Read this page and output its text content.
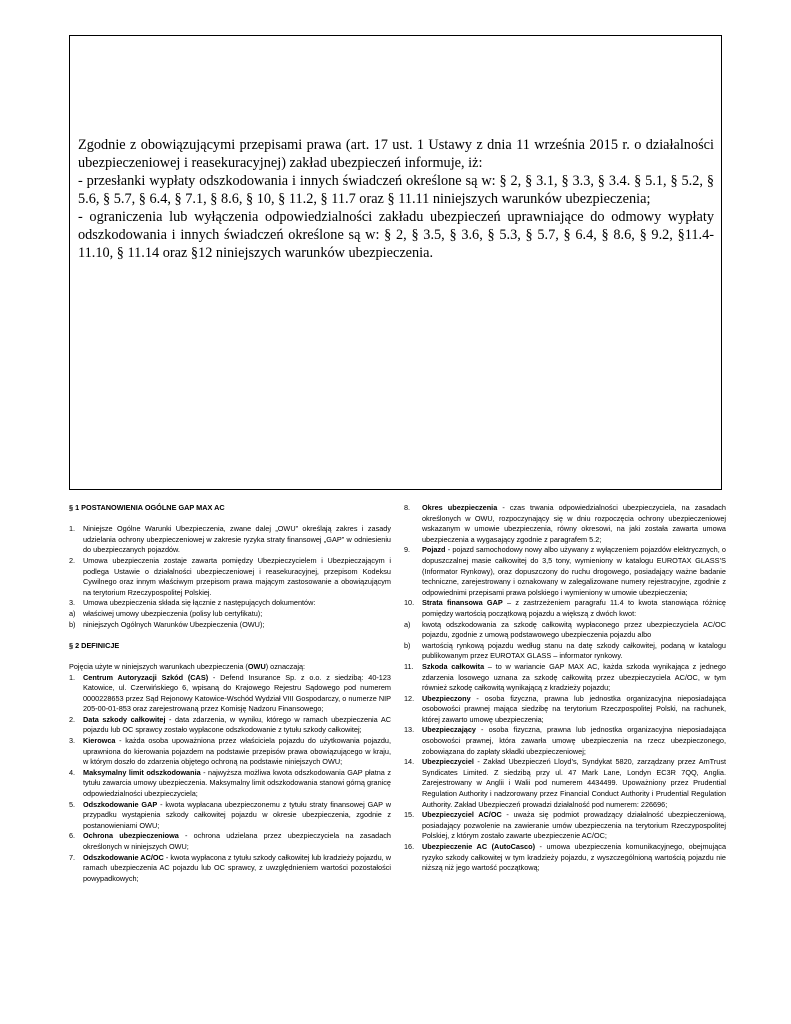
Zgodnie z obowiązującymi przepisami prawa (art. 17 ust. 1 Ustawy z dnia 11 września 2015 r. o działalności ubezpieczeniowej i reasekuracyjnej) zakład ubezpieczeń informuje, iż:

- przesłanki wypłaty odszkodowania i innych świadczeń określone są w: § 2, § 3.1, § 3.3, § 3.4. § 5.1, § 5.2, § 5.6, § 5.7, § 6.4, § 7.1, § 8.6, § 10, § 11.2, § 11.7 oraz § 11.11 niniejszych warunków ubezpieczenia;

- ograniczenia lub wyłączenia odpowiedzialności zakładu ubezpieczeń uprawniające do odmowy wypłaty odszkodowania i innych świadczeń określone są w: § 2, § 3.5, § 3.6, § 5.3, § 5.7, § 6.4, § 8.6, § 9.2, §11.4-11.10, § 11.14 oraz §12 niniejszych warunków ubezpieczenia.

§ 1 POSTANOWIENIA OGÓLNE GAP MAX AC

1. Niniejsze Ogólne Warunki Ubezpieczenia, zwane dalej „OWU” określają zakres i zasady udzielania ochrony ubezpieczeniowej w zakresie ryzyka straty finansowej „GAP” w odniesieniu do ubezpieczanych pojazdów.
2. Umowa ubezpieczenia zostaje zawarta pomiędzy Ubezpieczycielem i Ubezpieczającym i podlega Ustawie o działalności ubezpieczeniowej i reasekuracyjnej, przepisom Kodeksu Cywilnego oraz innym właściwym przepisom prawa mającym zastosowanie a obowiązującym na terytorium Rzeczypospolitej Polskiej.
3. Umowa ubezpieczenia składa się łącznie z następujących dokumentów:
a) właściwej umowy ubezpieczenia (polisy lub certyfikatu);
b) niniejszych Ogólnych Warunków Ubezpieczenia (OWU);

§ 2 DEFINICJE

Pojęcia użyte w niniejszych warunkach ubezpieczenia (OWU) oznaczają:

1. Centrum Autoryzacji Szkód (CAS) - Defend Insurance Sp. z o.o. z siedzibą: 40-123 Katowice, ul. Czerwińskiego 6, wpisaną do Krajowego Rejestru Sądowego pod numerem 0000228653 przez Sąd Rejonowy Katowice-Wschód Wydział VIII Gospodarczy, o numerze NIP 205-00-01-853 oraz zarejestrowaną przez Komisję Nadzoru Finansowego;
2. Data szkody całkowitej - data zdarzenia, w wyniku, którego w ramach ubezpieczenia AC pojazdu lub OC sprawcy zostało wypłacone odszkodowanie z tytułu szkody całkowitej;
3. Kierowca - każda osoba upoważniona przez właściciela pojazdu do użytkowania pojazdu, uprawniona do kierowania pojazdem na podstawie przepisów prawa obowiązującego w kraju, w którym doszło do zdarzenia objętego ochroną na podstawie niniejszych OWU;
4. Maksymalny limit odszkodowania - najwyższa możliwa kwota odszkodowania GAP płatna z tytułu zawarcia umowy ubezpieczenia. Maksymalny limit odszkodowania stanowi górną granicę odpowiedzialności ubezpieczyciela;
5. Odszkodowanie GAP - kwota wypłacana ubezpieczonemu z tytułu straty finansowej GAP w przypadku wystąpienia szkody całkowitej pojazdu w okresie ubezpieczenia, zgodnie z postanowieniami OWU;
6. Ochrona ubezpieczeniowa - ochrona udzielana przez ubezpieczyciela na zasadach określonych w niniejszych OWU;
7. Odszkodowanie AC/OC - kwota wypłacona z tytułu szkody całkowitej lub kradzieży pojazdu, w ramach ubezpieczenia AC pojazdu lub OC sprawcy, z uwzględnieniem wartości pozostałości powypadkowych;
8. Okres ubezpieczenia - czas trwania odpowiedzialności ubezpieczyciela, na zasadach określonych w OWU, rozpoczynający się w dniu rozpoczęcia ochrony ubezpieczeniowej wskazanym w umowie ubezpieczenia, równy okresowi, na jaki została zawarta umowa ubezpieczenia a wygasający zgodnie z paragrafem 5.2;
9. Pojazd - pojazd samochodowy nowy albo używany z wyłączeniem pojazdów elektrycznych, o dopuszczalnej masie całkowitej do 3,5 tony, wymieniony w katalogu EUROTAX GLASS’S (Informator Rynkowy), oraz dopuszczony do ruchu drogowego, posiadający ważne badanie techniczne, zarejestrowany i oznakowany w zalegalizowane numery rejestracyjne, zgodnie z odpowiednimi przepisami prawa polskiego i wymieniony w umowie ubezpieczenia;
10. Strata finansowa GAP – z zastrzeżeniem paragrafu 11.4 to kwota stanowiąca różnicę pomiędzy wartością początkową pojazdu a większą z dwóch kwot:
a) kwotą odszkodowania za szkodę całkowitą wypłaconego przez ubezpieczyciela AC/OC pojazdu, zgodnie z umową podstawowego ubezpieczenia pojazdu albo
b) wartością rynkową pojazdu według stanu na datę szkody całkowitej, podaną w katalogu publikowanym przez EUROTAX GLASS – informator rynkowy.
11. Szkoda całkowita – to w wariancie GAP MAX AC, każda szkoda wynikająca z jednego zdarzenia losowego uznana za szkodę całkowitą przez ubezpieczyciela AC/OC, w tym również szkodę całkowitą wynikającą z kradzieży pojazdu;
12. Ubezpieczony - osoba fizyczna, prawna lub jednostka organizacyjna nieposiadająca osobowości prawnej mająca siedzibę na terytorium Rzeczpospolitej Polski, na rachunek, której zawarto umowę ubezpieczenia;
13. Ubezpieczający - osoba fizyczna, prawna lub jednostka organizacyjna nieposiadająca osobowości prawnej, która zawarła umowę ubezpieczenia na rzecz ubezpieczonego, zobowiązana do zapłaty składki ubezpieczeniowej;
14. Ubezpieczyciel - Zakład Ubezpieczeń Lloyd’s, Syndykat 5820, zarządzany przez AmTrust Syndicates Limited. Z siedzibą przy ul. 47 Mark Lane, Londyn EC3R 7QQ, Anglia. Zarejestrowany w Anglii i Walii pod numerem 4434499. Upoważniony przez Prudential Regulation Authority i nadzorowany przez Financial Conduct Authority i Prudential Regulation Authority. Zakład Ubezpieczeń prowadzi działalność pod numerem: 226696;
15. Ubezpieczyciel AC/OC - uważa się podmiot prowadzący działalność ubezpieczeniową, posiadający pozwolenie na zawieranie umów ubezpieczenia na terytorium Rzeczypospolitej Polskiej, z którym zostało zawarte ubezpieczenie AC/OC;
16. Ubezpieczenie AC (AutoCasco) - umowa ubezpieczenia komunikacyjnego, obejmująca ryzyko szkody całkowitej w tym kradzieży pojazdu, z wyszczególnioną wartością pojazdu nie niższą niż jego wartość początkową;
